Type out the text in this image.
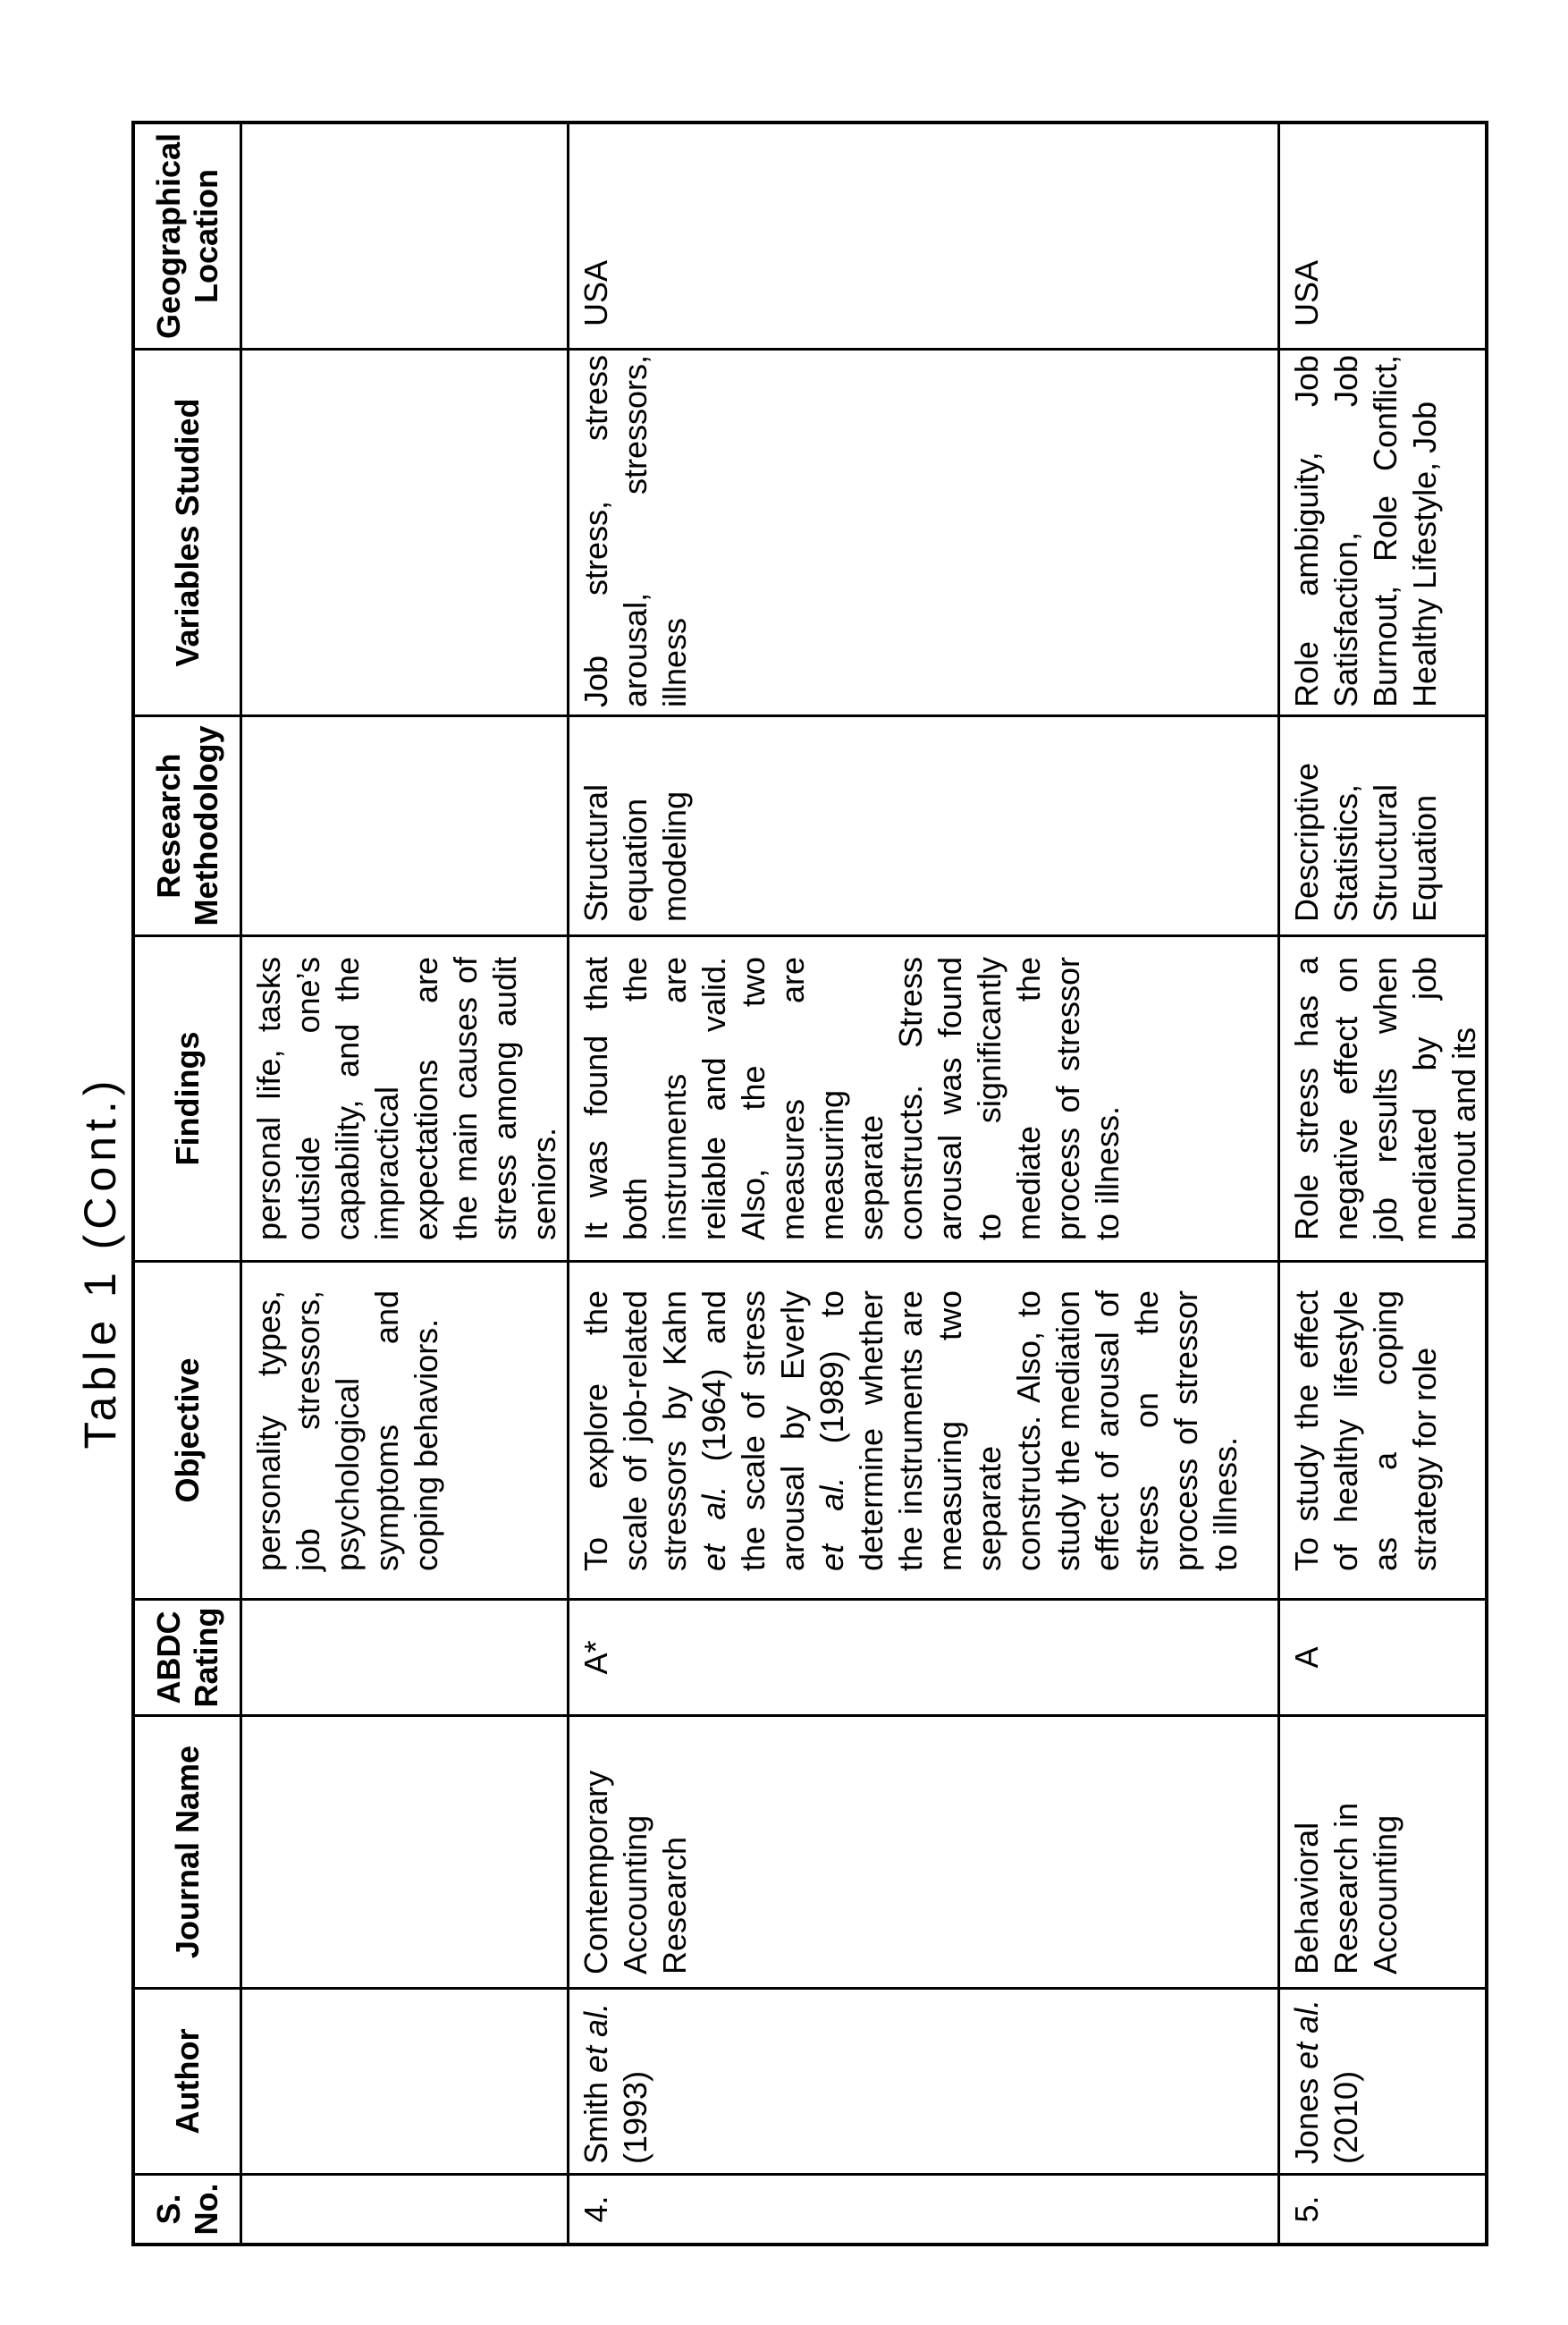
Table 1 (Cont.)
S. No.
Author
Journal Name
ABDC Rating
Objective
Findings
Research Methodology
Variables Studied
Geographical Location
personality types, job stressors, psychological symptoms and coping behaviors.
personal life, tasks outside one’s capability, and the impractical expectations are the main causes of stress among audit seniors.
4.
Smith et al. (1993)
Contemporary Accounting Research
A*
To explore the scale of job-related stressors by Kahn et al. (1964) and the scale of stress arousal by Everly et al. (1989) to determine whether the instruments are measuring two separate constructs. Also, to study the mediation effect of arousal of stress on the process of stressor to illness.
It was found that both the instruments are reliable and valid. Also, the two measures are measuring separate constructs. Stress arousal was found to significantly mediate the process of stressor to illness.
Structural equation modeling
Job stress, stress arousal, stressors, illness
USA
5.
Jones et al. (2010)
Behavioral Research in Accounting
A
To study the effect of healthy lifestyle as a coping strategy for role
Role stress has a negative effect on job results when mediated by job burnout and its
Descriptive Statistics, Structural Equation
Role ambiguity, Job Satisfaction, Job Burnout, Role Conflict, Healthy Lifestyle, Job
USA
